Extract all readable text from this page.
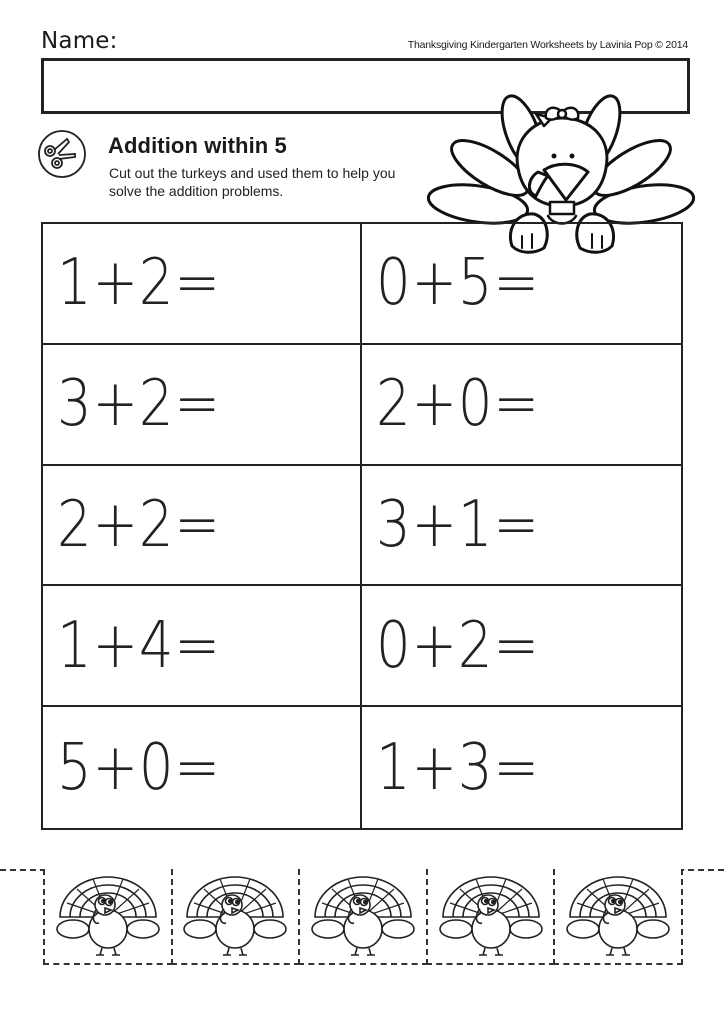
Name:	Thanksgiving Kindergarten Worksheets by Lavinia Pop © 2014
Addition within 5
Cut out the turkeys and used them to help you solve the addition problems.
1+2= 0+5=
3+2= 2+0=
2+2= 3+1=
1+4= 0+2=
5+0= 1+3=
